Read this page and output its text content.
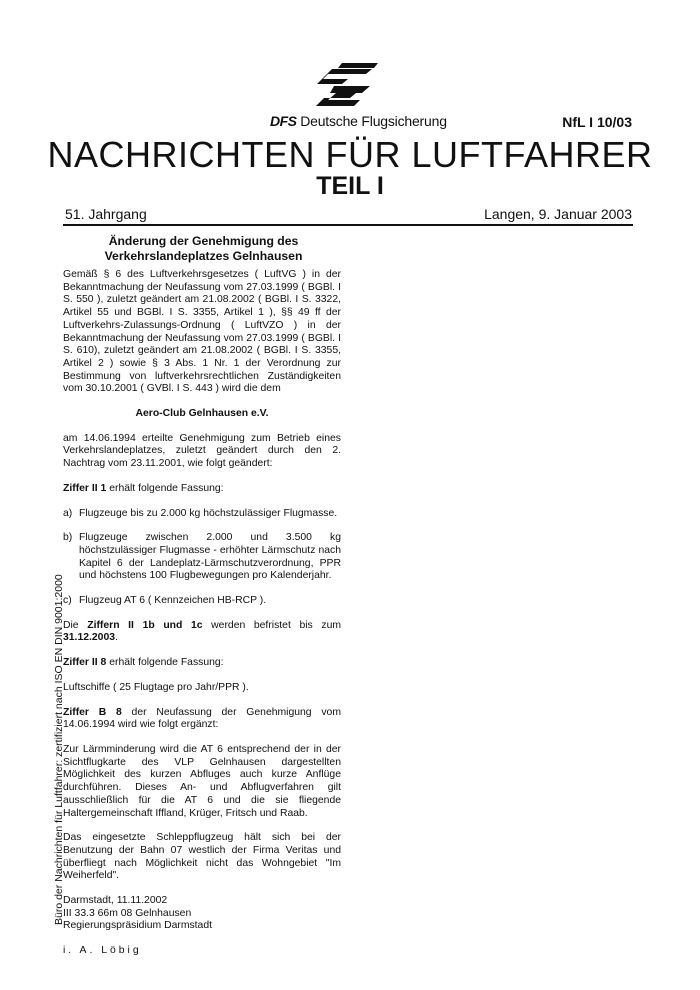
DFS Deutsche Flugsicherung	NfL I 10/03
NACHRICHTEN FÜR LUFTFAHRER
TEIL I
51. Jahrgang	Langen, 9. Januar 2003
Änderung der Genehmigung des
Verkehrslandeplatzes Gelnhausen

Gemäß § 6 des Luftverkehrsgesetzes ( LuftVG ) in der Bekanntmachung der Neufassung vom 27.03.1999 ( BGBl. I S. 550 ), zuletzt geändert am 21.08.2002 ( BGBl. I S. 3322, Artikel 55 und BGBl. I S. 3355, Artikel 1 ), §§ 49 ff der Luftverkehrs-Zulassungs-Ordnung ( LuftVZO ) in der Bekanntmachung der Neufassung vom 27.03.1999 ( BGBl. I S. 610), zuletzt geändert am 21.08.2002 ( BGBl. I S. 3355, Artikel 2 ) sowie § 3 Abs. 1 Nr. 1 der Verordnung zur Bestimmung von luftverkehrsrechtlichen Zuständigkeiten vom 30.10.2001 ( GVBl. I S. 443 ) wird die dem

Aero-Club Gelnhausen e.V.

am 14.06.1994 erteilte Genehmigung zum Betrieb eines Verkehrslandeplatzes, zuletzt geändert durch den 2. Nachtrag vom 23.11.2001, wie folgt geändert:

Ziffer II 1 erhält folgende Fassung:

a) Flugzeuge bis zu 2.000 kg höchstzulässiger Flugmasse.
b) Flugzeuge zwischen 2.000 und 3.500 kg höchstzulässiger Flugmasse - erhöhter Lärmschutz nach Kapitel 6 der Landeplatz-Lärmschutzverordnung, PPR und höchstens 100 Flugbewegungen pro Kalenderjahr.
c) Flugzeug AT 6 ( Kennzeichen HB-RCP ).

Die Ziffern II 1b und 1c werden befristet bis zum 31.12.2003.

Ziffer II 8 erhält folgende Fassung:

Luftschiffe ( 25 Flugtage pro Jahr/PPR ).

Ziffer B 8 der Neufassung der Genehmigung vom 14.06.1994 wird wie folgt ergänzt:

Zur Lärmminderung wird die AT 6 entsprechend der in der Sichtflugkarte des VLP Gelnhausen dargestellten Möglichkeit des kurzen Abfluges auch kurze Anflüge durchführen. Dieses An- und Abflugverfahren gilt ausschließlich für die AT 6 und die sie fliegende Haltergemeinschaft Iffland, Krüger, Fritsch und Raab.

Das eingesetzte Schleppflugzeug hält sich bei der Benutzung der Bahn 07 westlich der Firma Veritas und überfliegt nach Möglichkeit nicht das Wohngebiet "Im Weiherfeld".

Darmstadt, 11.11.2002
III 33.3 66m 08 Gelnhausen
Regierungspräsidium Darmstadt
i. A. Löbig
Büro der Nachrichten für Luftfahrer: zertifiziert nach ISO EN DIN 9001:2000
